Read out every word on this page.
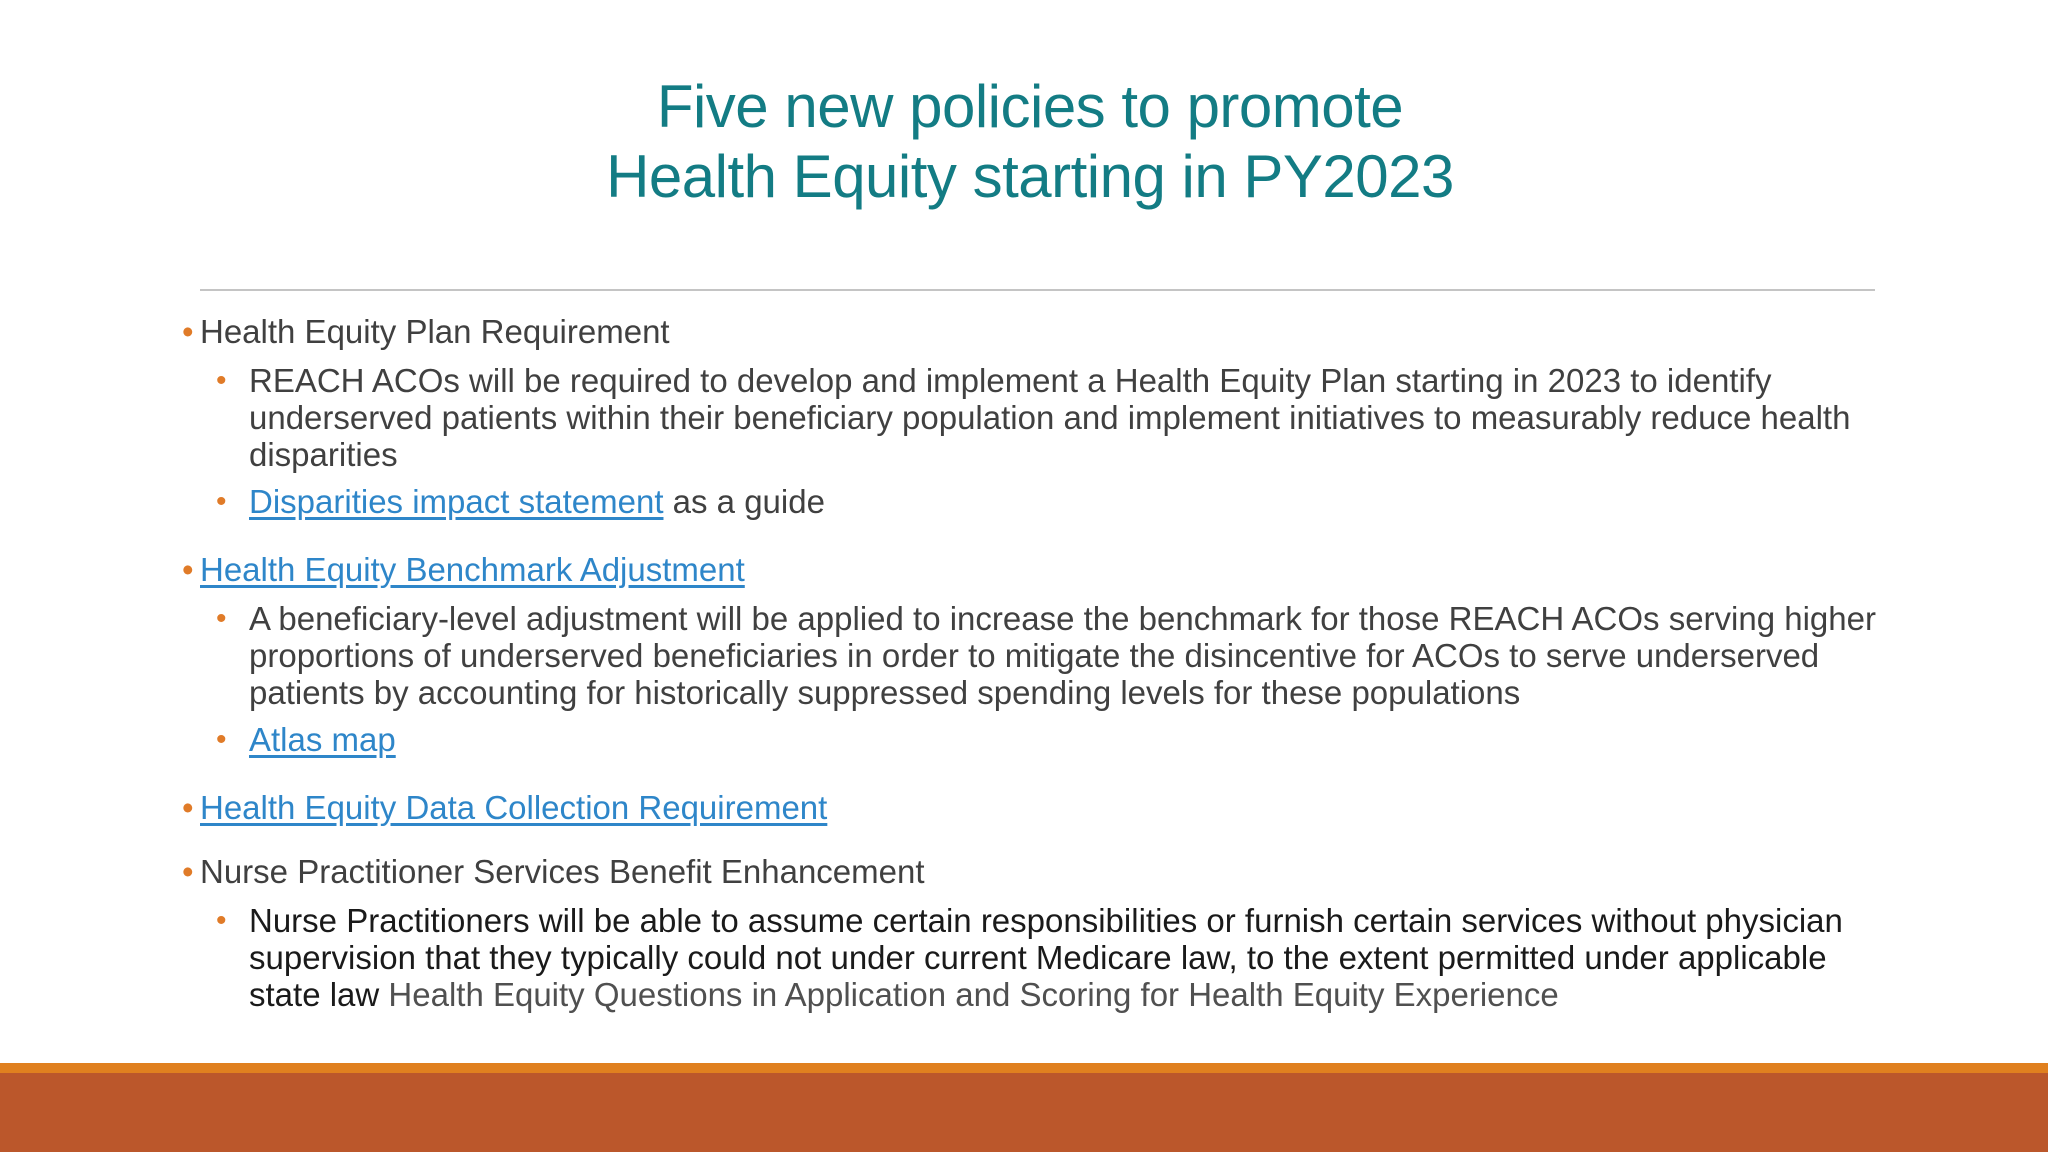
Five new policies to promote
Health Equity starting in PY2023
• Health Equity Plan Requirement
• REACH ACOs will be required to develop and implement a Health Equity Plan starting in 2023 to identify underserved patients within their beneficiary population and implement initiatives to measurably reduce health disparities
• Disparities impact statement as a guide
• Health Equity Benchmark Adjustment
• A beneficiary-level adjustment will be applied to increase the benchmark for those REACH ACOs serving higher proportions of underserved beneficiaries in order to mitigate the disincentive for ACOs to serve underserved patients by accounting for historically suppressed spending levels for these populations
• Atlas map
• Health Equity Data Collection Requirement
• Nurse Practitioner Services Benefit Enhancement
• Nurse Practitioners will be able to assume certain responsibilities or furnish certain services without physician supervision that they typically could not under current Medicare law, to the extent permitted under applicable state law Health Equity Questions in Application and Scoring for Health Equity Experience
